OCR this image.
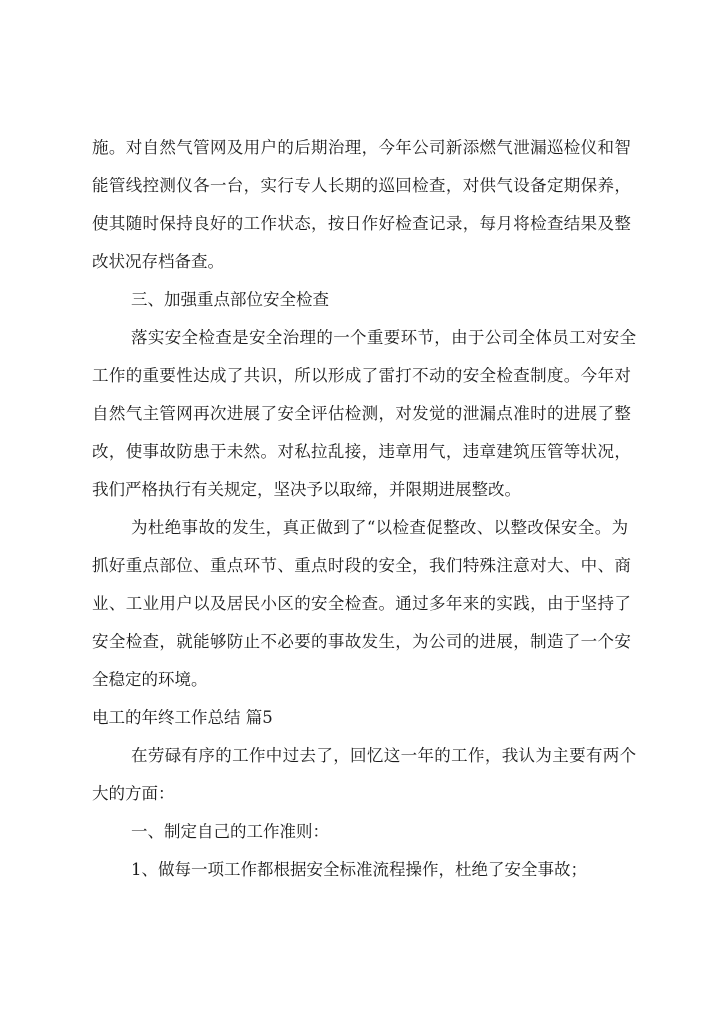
施。对自然气管网及用户的后期治理，今年公司新添燃气泄漏巡检仪和智
能管线控测仪各一台，实行专人长期的巡回检查，对供气设备定期保养，
使其随时保持良好的工作状态，按日作好检查记录，每月将检查结果及整
改状况存档备查。
三、加强重点部位安全检查
落实安全检查是安全治理的一个重要环节，由于公司全体员工对安全
工作的重要性达成了共识，所以形成了雷打不动的安全检查制度。今年对
自然气主管网再次进展了安全评估检测，对发觉的泄漏点准时的进展了整
改，使事故防患于未然。对私拉乱接，违章用气，违章建筑压管等状况，
我们严格执行有关规定，坚决予以取缔，并限期进展整改。
为杜绝事故的发生，真正做到了“以检查促整改、以整改保安全。为
抓好重点部位、重点环节、重点时段的安全，我们特殊注意对大、中、商
业、工业用户以及居民小区的安全检查。通过多年来的实践，由于坚持了
安全检查，就能够防止不必要的事故发生，为公司的进展，制造了一个安
全稳定的环境。
电工的年终工作总结 篇5
在劳碌有序的工作中过去了，回忆这一年的工作，我认为主要有两个
大的方面：
一、制定自己的工作准则：
1、做每一项工作都根据安全标准流程操作，杜绝了安全事故；
